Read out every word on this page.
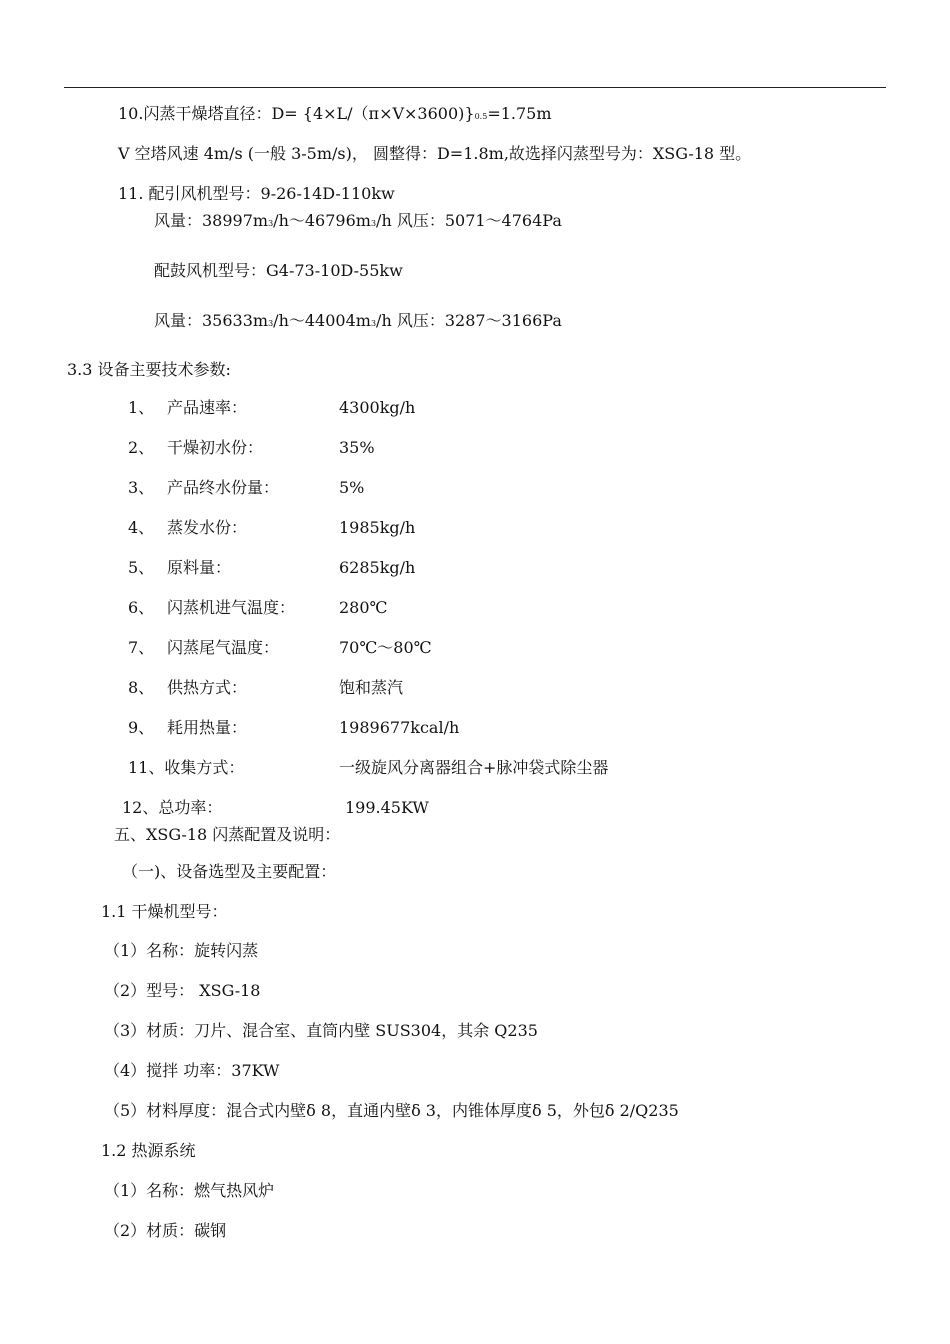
10.闪蒸干燥塔直径：D= {4×L/（π×V×3600)}0.5=1.75m
V 空塔风速 4m/s (一般 3-5m/s)， 圆整得：D=1.8m,故选择闪蒸型号为：XSG-18 型。
11. 配引风机型号：9-26-14D-110kw
风量：38997m3/h～46796m3/h 风压：5071～4764Pa
配鼓风机型号：G4-73-10D-55kw
风量：35633m3/h～44004m3/h 风压：3287～3166Pa
3.3 设备主要技术参数:
1、 产品速率：	4300kg/h
2、 干燥初水份：	35%
3、 产品终水份量：	5%
4、 蒸发水份：	1985kg/h
5、 原料量：	6285kg/h
6、 闪蒸机进气温度：	280℃
7、 闪蒸尾气温度：	70℃～80℃
8、 供热方式：	饱和蒸汽
9、 耗用热量：	1989677kcal/h
11、收集方式：	一级旋风分离器组合+脉冲袋式除尘器
12、总功率：	199.45KW
五、XSG-18 闪蒸配置及说明：
（一)、设备选型及主要配置：
1.1 干燥机型号：
（1）名称：旋转闪蒸
（2）型号： XSG-18
（3）材质：刀片、混合室、直筒内壁 SUS304，其余 Q235
（4）搅拌 功率：37KW
（5）材料厚度：混合式内壁δ 8，直通内壁δ 3，内锥体厚度δ 5，外包δ 2/Q235
1.2 热源系统
（1）名称：燃气热风炉
（2）材质：碳钢
